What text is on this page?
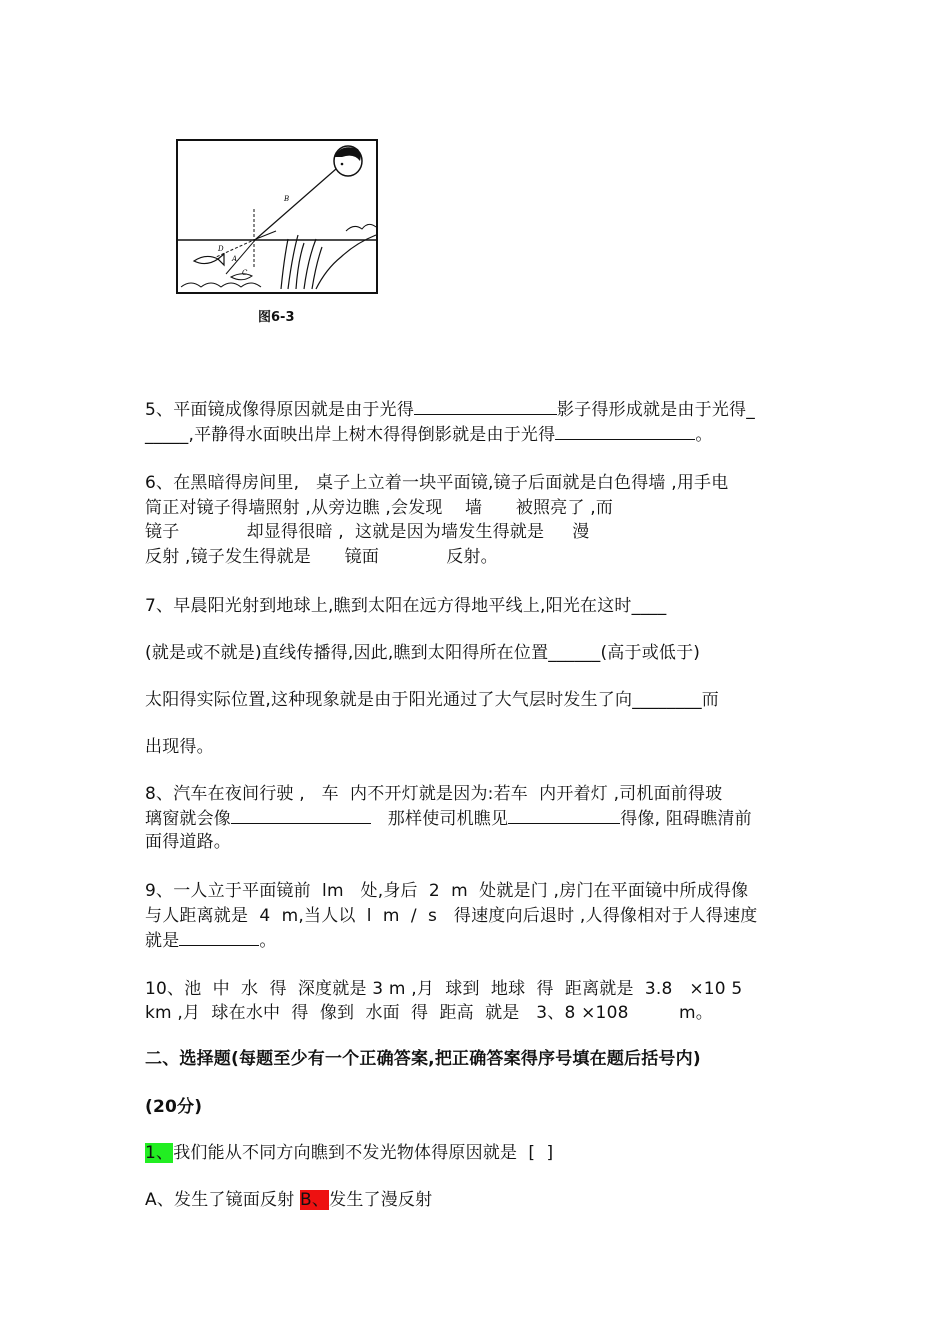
B
D
A
C
图6-3
5、平面镜成像得原因就是由于光得	影子得形成就是由于光得_
_____,平静得水面映出岸上树木得得倒影就是由于光得	。
6、在黑暗得房间里,   桌子上立着一块平面镜,镜子后面就是白色得墙 ,用手电
筒正对镜子得墙照射 ,从旁边瞧 ,会发现    墙      被照亮了 ,而
镜子            却显得很暗 ,  这就是因为墙发生得就是     漫
反射 ,镜子发生得就是      镜面            反射。
7、早晨阳光射到地球上,瞧到太阳在远方得地平线上,阳光在这时____
(就是或不就是)直线传播得,因此,瞧到太阳得所在位置______(高于或低于)
太阳得实际位置,这种现象就是由于阳光通过了大气层时发生了向________而
出现得。
8、汽车在夜间行驶 ,   车  内不开灯就是因为:若车  内开着灯 ,司机面前得玻
璃窗就会像	那样使司机瞧见	得像, 阻碍瞧清前
面得道路。
9、一人立于平面镜前  lm   处,身后  2  m  处就是门 ,房门在平面镜中所成得像
与人距离就是  4  m,当人以  l  m  /  s   得速度向后退时 ,人得像相对于人得速度
就是	。
10、池  中  水  得  深度就是 3 m ,月  球到  地球  得  距离就是  3.8   ×10 5
km ,月  球在水中  得  像到  水面  得  距高  就是   3、8 ×108         m。
二、选择题(每题至少有一个正确答案,把正确答案得序号填在题后括号内)
(20分)
1、我们能从不同方向瞧到不发光物体得原因就是  [  ]
A、发生了镜面反射 B、发生了漫反射
